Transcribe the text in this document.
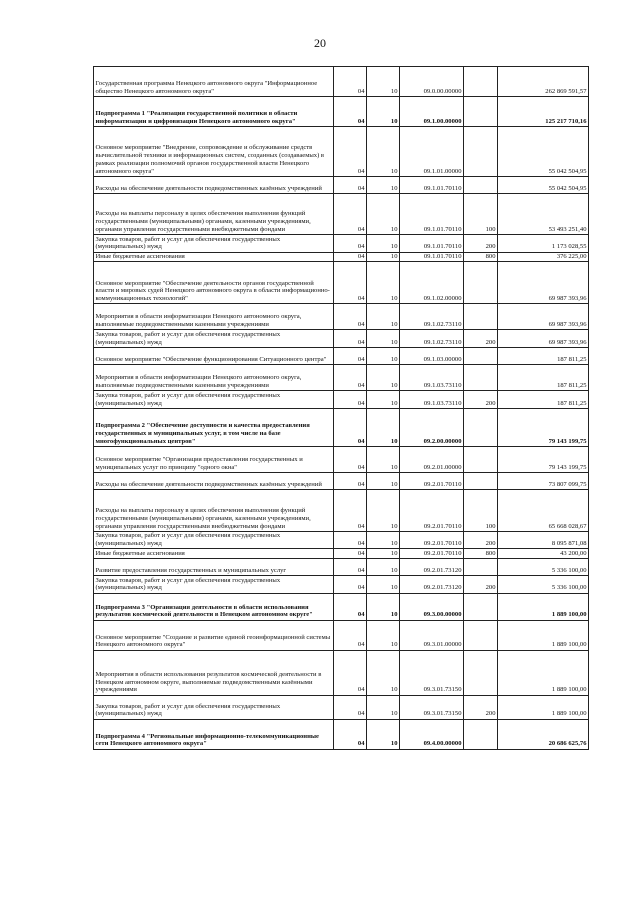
20
Государственная программа Ненецкого автономного округа "Информационное общество Ненецкого автономного округа"	04	10	09.0.00.00000		262 869 591,57
Подпрограмма 1 "Реализация государственной политики в области информатизации и цифровизации Ненецкого автономного округа"	04	10	09.1.00.00000		125 217 710,16
Основное мероприятие "Внедрение, сопровождение и обслуживание средств вычислительной техники и информационных систем, созданных (создаваемых) в рамках реализации полномочий органов государственной власти Ненецкого автономного округа"	04	10	09.1.01.00000		55 042 504,95
Расходы на обеспечение деятельности подведомственных казённых учреждений	04	10	09.1.01.70110		55 042 504,95
Расходы на выплаты персоналу в целях обеспечения выполнения функций государственными (муниципальными) органами, казенными учреждениями, органами управления государственными внебюджетными фондами	04	10	09.1.01.70110	100	53 493 251,40
Закупка товаров, работ и услуг для обеспечения государственных (муниципальных) нужд	04	10	09.1.01.70110	200	1 173 028,55
Иные бюджетные ассигнования	04	10	09.1.01.70110	800	376 225,00
Основное мероприятие "Обеспечение деятельности органов государственной власти и мировых судей Ненецкого автономного округа в области информационно-коммуникационных технологий"	04	10	09.1.02.00000		69 987 393,96
Мероприятия в области информатизации Ненецкого автономного округа, выполняемые подведомственными казенными учреждениями	04	10	09.1.02.73110		69 987 393,96
Закупка товаров, работ и услуг для обеспечения государственных (муниципальных) нужд	04	10	09.1.02.73110	200	69 987 393,96
Основное мероприятие "Обеспечение функционирования Ситуационного центра"	04	10	09.1.03.00000		187 811,25
Мероприятия в области информатизации Ненецкого автономного округа, выполняемые подведомственными казенными учреждениями	04	10	09.1.03.73110		187 811,25
Закупка товаров, работ и услуг для обеспечения государственных (муниципальных) нужд	04	10	09.1.03.73110	200	187 811,25
Подпрограмма 2 "Обеспечение доступности и качества предоставления государственных и муниципальных услуг, в том числе на базе многофункциональных центров"	04	10	09.2.00.00000		79 143 199,75
Основное мероприятие "Организация предоставления государственных и муниципальных услуг по принципу "одного окна"	04	10	09.2.01.00000		79 143 199,75
Расходы на обеспечение деятельности подведомственных казённых учреждений	04	10	09.2.01.70110		73 807 099,75
Расходы на выплаты персоналу в целях обеспечения выполнения функций государственными (муниципальными) органами, казенными учреждениями, органами управления государственными внебюджетными фондами	04	10	09.2.01.70110	100	65 668 028,67
Закупка товаров, работ и услуг для обеспечения государственных (муниципальных) нужд	04	10	09.2.01.70110	200	8 095 871,08
Иные бюджетные ассигнования	04	10	09.2.01.70110	800	43 200,00
Развитие предоставления государственных и муниципальных услуг	04	10	09.2.01.73120		5 336 100,00
Закупка товаров, работ и услуг для обеспечения государственных (муниципальных) нужд	04	10	09.2.01.73120	200	5 336 100,00
Подпрограмма 3 "Организация деятельности в области использования результатов космической деятельности в Ненецком автономном округе"	04	10	09.3.00.00000		1 889 100,00
Основное мероприятие "Создание и развитие единой геоинформационной системы Ненецкого автономного округа"	04	10	09.3.01.00000		1 889 100,00
Мероприятия в области использования результатов космической деятельности в Ненецком автономном округе, выполняемые подведомственными казёнными учреждениями	04	10	09.3.01.73150		1 889 100,00
Закупка товаров, работ и услуг для обеспечения государственных (муниципальных) нужд	04	10	09.3.01.73150	200	1 889 100,00
Подпрограмма 4 "Региональные информационно-телекоммуникационные сети Ненецкого автономного округа"	04	10	09.4.00.00000		20 686 625,76
